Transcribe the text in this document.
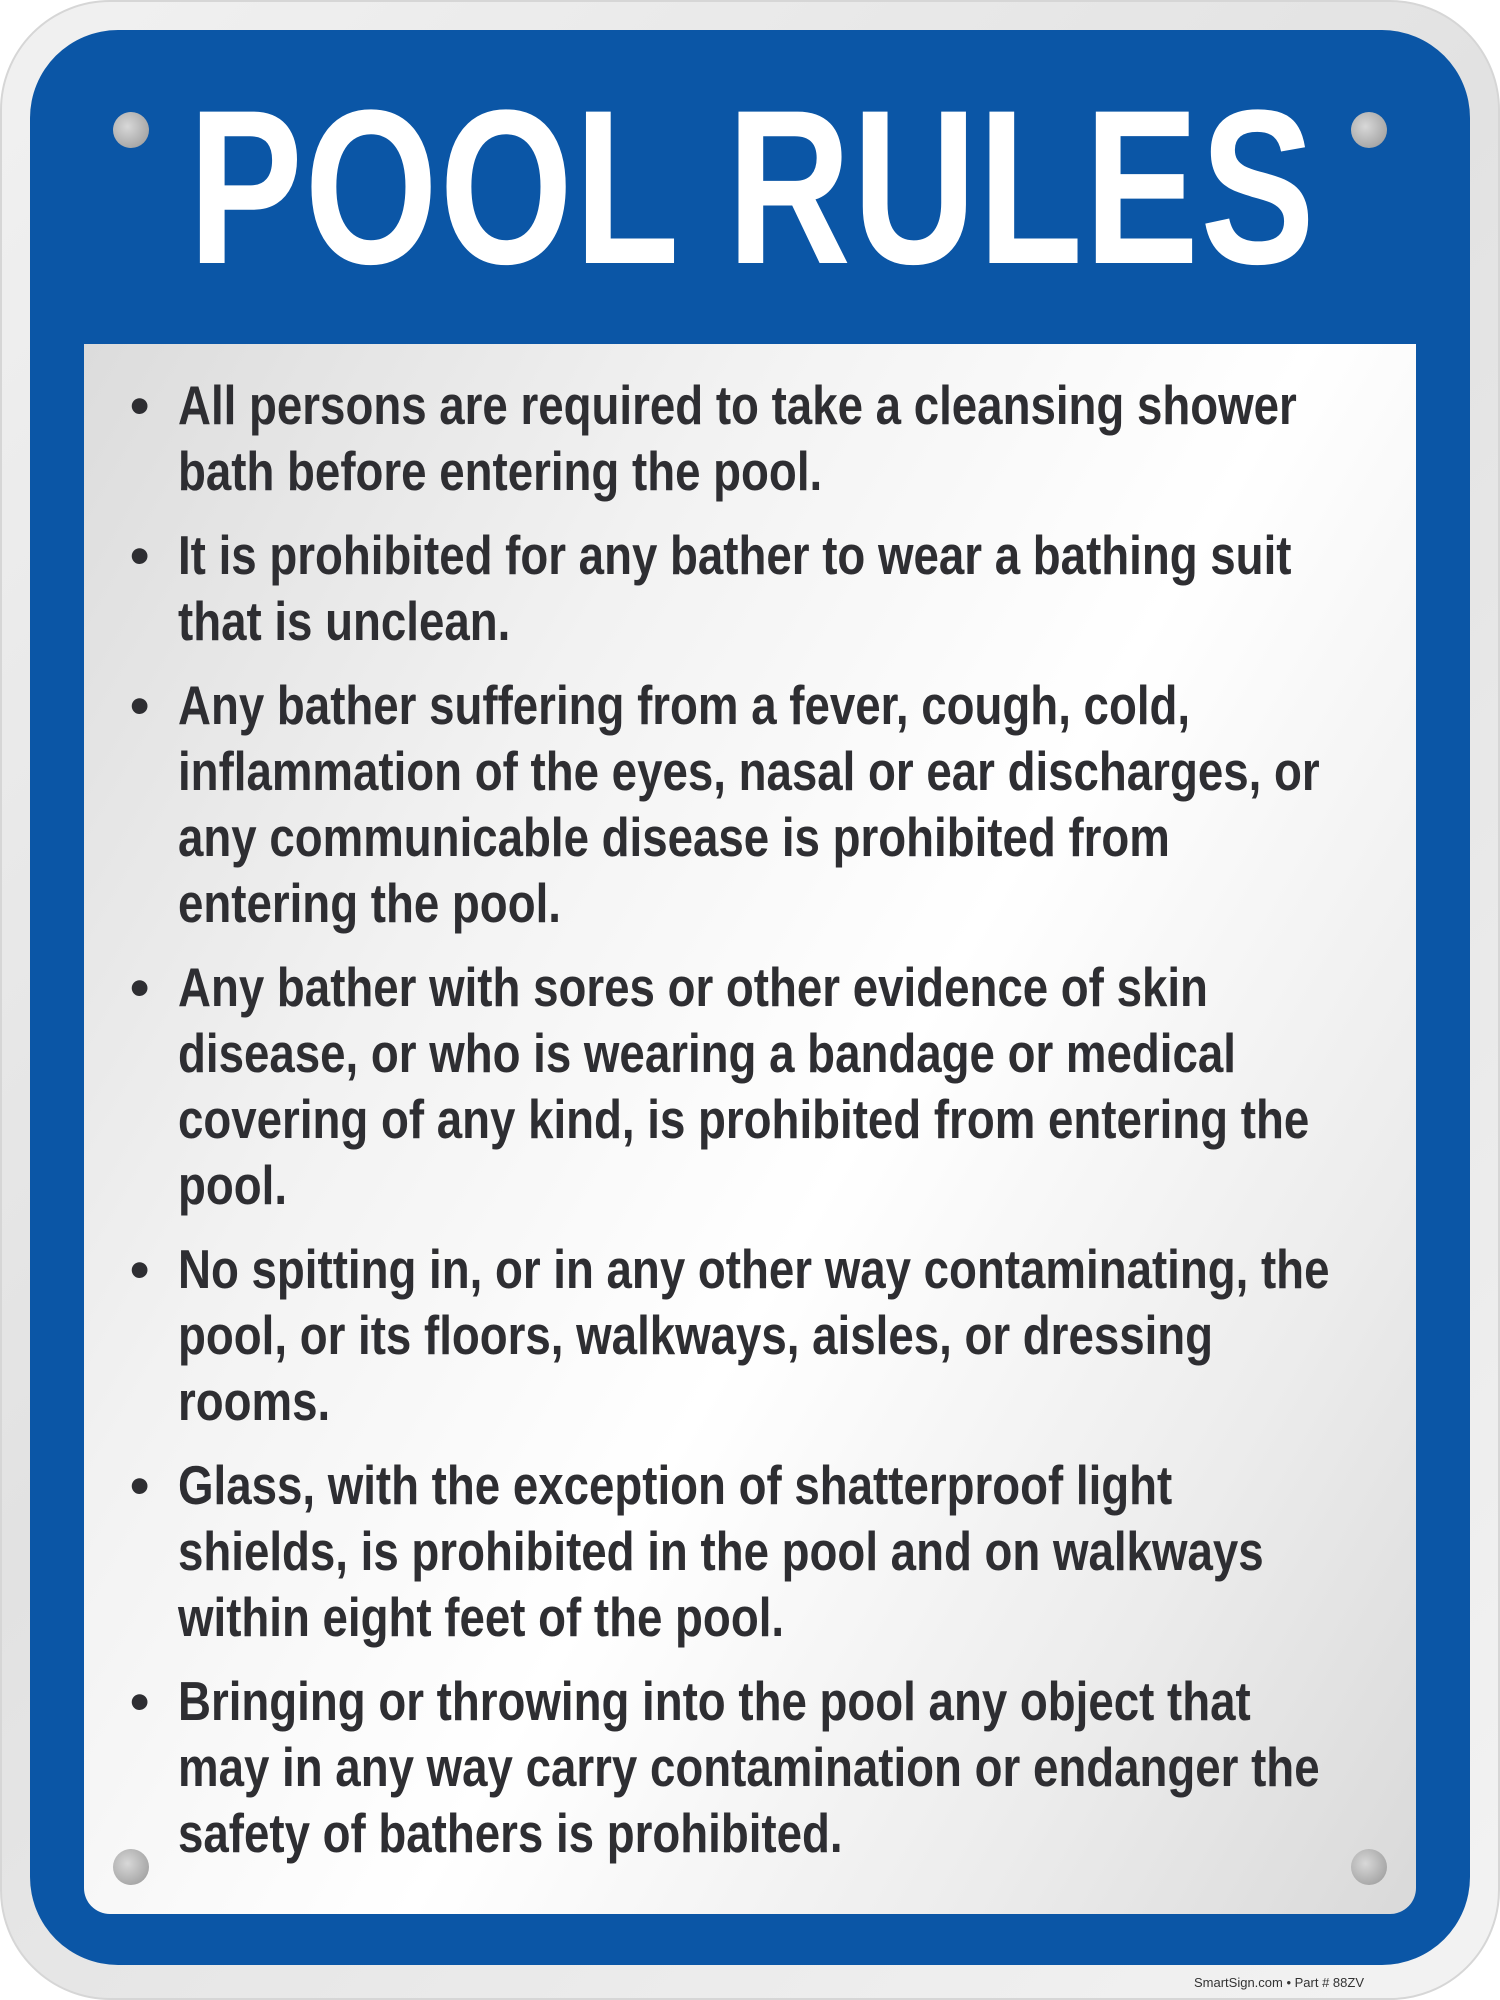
POOL RULES
• All persons are required to take a cleansing shower bath before entering the pool.
• It is prohibited for any bather to wear a bathing suit that is unclean.
• Any bather suffering from a fever, cough, cold, inflammation of the eyes, nasal or ear discharges, or any communicable disease is prohibited from entering the pool.
• Any bather with sores or other evidence of skin disease, or who is wearing a bandage or medical covering of any kind, is prohibited from entering the pool.
• No spitting in, or in any other way contaminating, the pool, or its floors, walkways, aisles, or dressing rooms.
• Glass, with the exception of shatterproof light shields, is prohibited in the pool and on walkways within eight feet of the pool.
• Bringing or throwing into the pool any object that may in any way carry contamination or endanger the safety of bathers is prohibited.
SmartSign.com • Part # 88ZV
